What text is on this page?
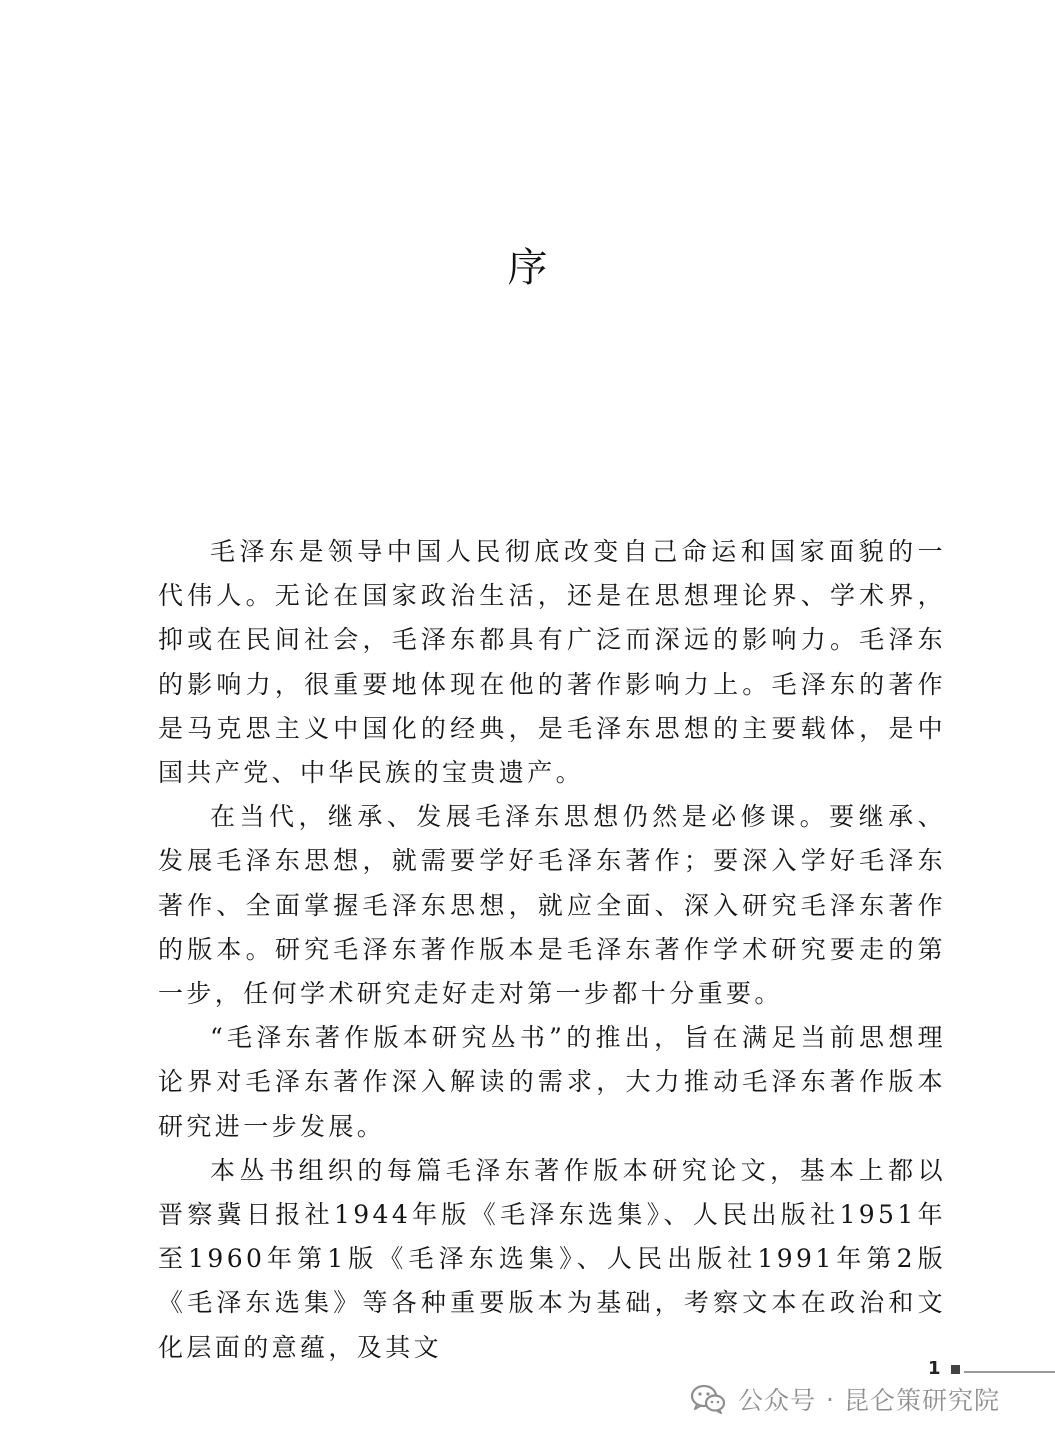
序

毛泽东是领导中国人民彻底改变自己命运和国家面貌的一代伟人。无论在国家政治生活，还是在思想理论界、学术界，抑或在民间社会，毛泽东都具有广泛而深远的影响力。毛泽东的影响力，很重要地体现在他的著作影响力上。毛泽东的著作是马克思主义中国化的经典，是毛泽东思想的主要载体，是中国共产党、中华民族的宝贵遗产。

在当代，继承、发展毛泽东思想仍然是必修课。要继承、发展毛泽东思想，就需要学好毛泽东著作；要深入学好毛泽东著作、全面掌握毛泽东思想，就应全面、深入研究毛泽东著作的版本。研究毛泽东著作版本是毛泽东著作学术研究要走的第一步，任何学术研究走好走对第一步都十分重要。

“毛泽东著作版本研究丛书”的推出，旨在满足当前思想理论界对毛泽东著作深入解读的需求，大力推动毛泽东著作版本研究进一步发展。

本丛书组织的每篇毛泽东著作版本研究论文，基本上都以晋察冀日报社1944年版《毛泽东选集》、人民出版社1951年至1960年第1版《毛泽东选集》、人民出版社1991年第2版《毛泽东选集》等各种重要版本为基础，考察文本在政治和文化层面的意蕴，及其文

1
公众号 · 昆仑策研究院
